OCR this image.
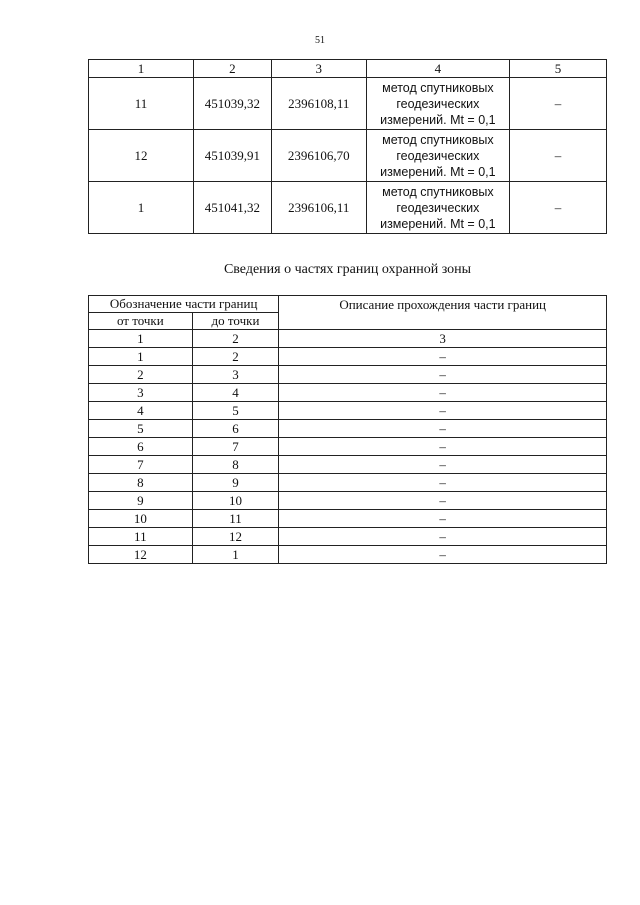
51
1	2	3	4	5
11	451039,32	2396108,11	метод спутниковых
геодезических
измерений. Mt = 0,1	–
12	451039,91	2396106,70	метод спутниковых
геодезических
измерений. Mt = 0,1	–
1	451041,32	2396106,11	метод спутниковых
геодезических
измерений. Mt = 0,1	–
Сведения о частях границ охранной зоны
Обозначение части границ		Описание прохождения части границ
от точки	до точки	
1	2	3
1	2	–
2	3	–
3	4	–
4	5	–
5	6	–
6	7	–
7	8	–
8	9	–
9	10	–
10	11	–
11	12	–
12	1	–
